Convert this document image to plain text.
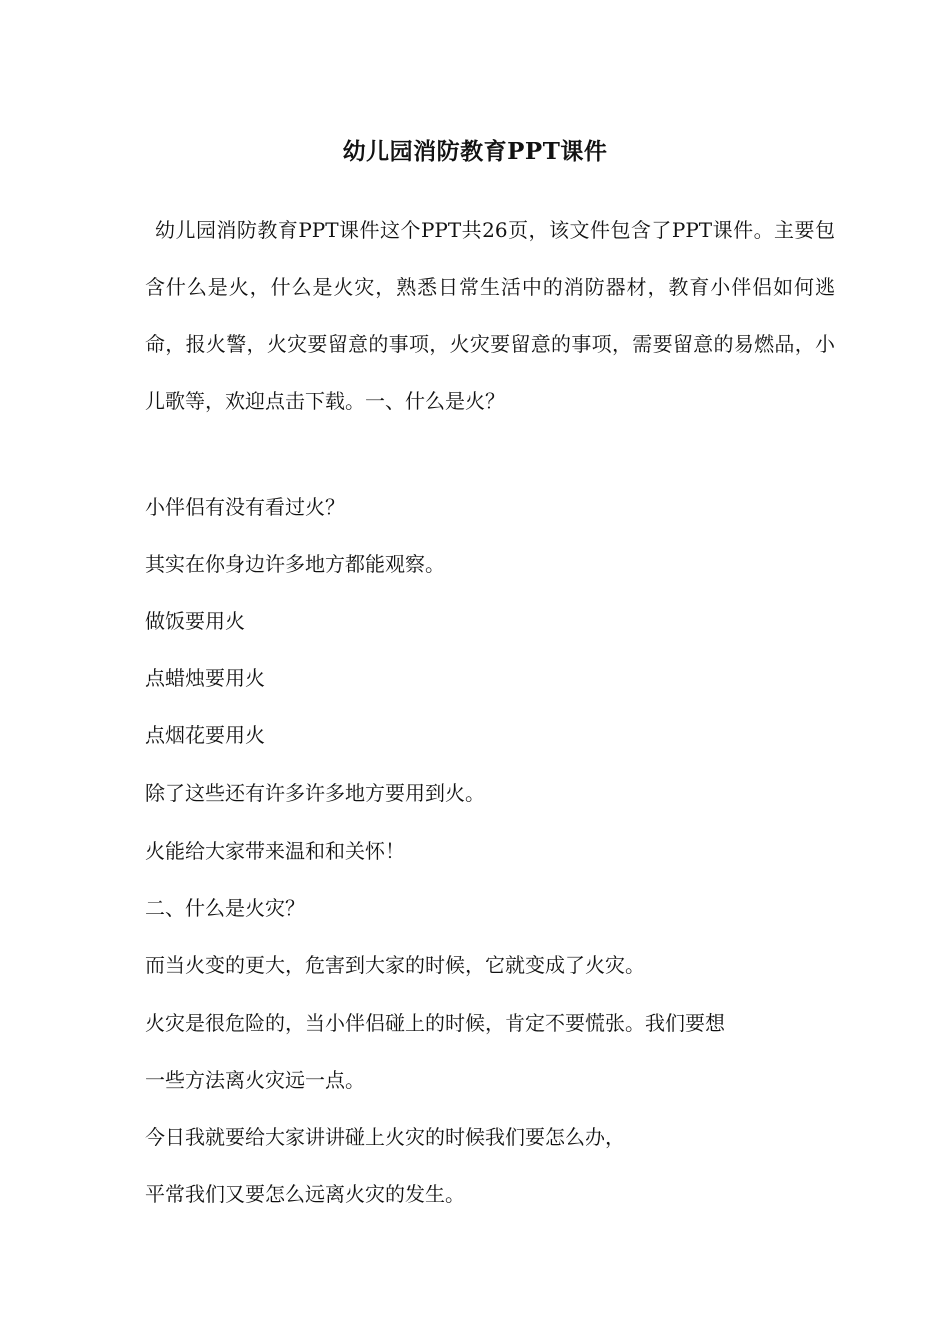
幼儿园消防教育PPT课件

幼儿园消防教育PPT课件这个PPT共26页，该文件包含了PPT课件。主要包含什么是火，什么是火灾，熟悉日常生活中的消防器材，教育小伴侣如何逃命，报火警，火灾要留意的事项，火灾要留意的事项，需要留意的易燃品，小儿歌等，欢迎点击下载。一、什么是火？

小伴侣有没有看过火？

其实在你身边许多地方都能观察。

做饭要用火

点蜡烛要用火

点烟花要用火

除了这些还有许多许多地方要用到火。

火能给大家带来温和和关怀！

二、什么是火灾？

而当火变的更大，危害到大家的时候，它就变成了火灾。

火灾是很危险的，当小伴侣碰上的时候，肯定不要慌张。我们要想

一些方法离火灾远一点。

今日我就要给大家讲讲碰上火灾的时候我们要怎么办，

平常我们又要怎么远离火灾的发生。
